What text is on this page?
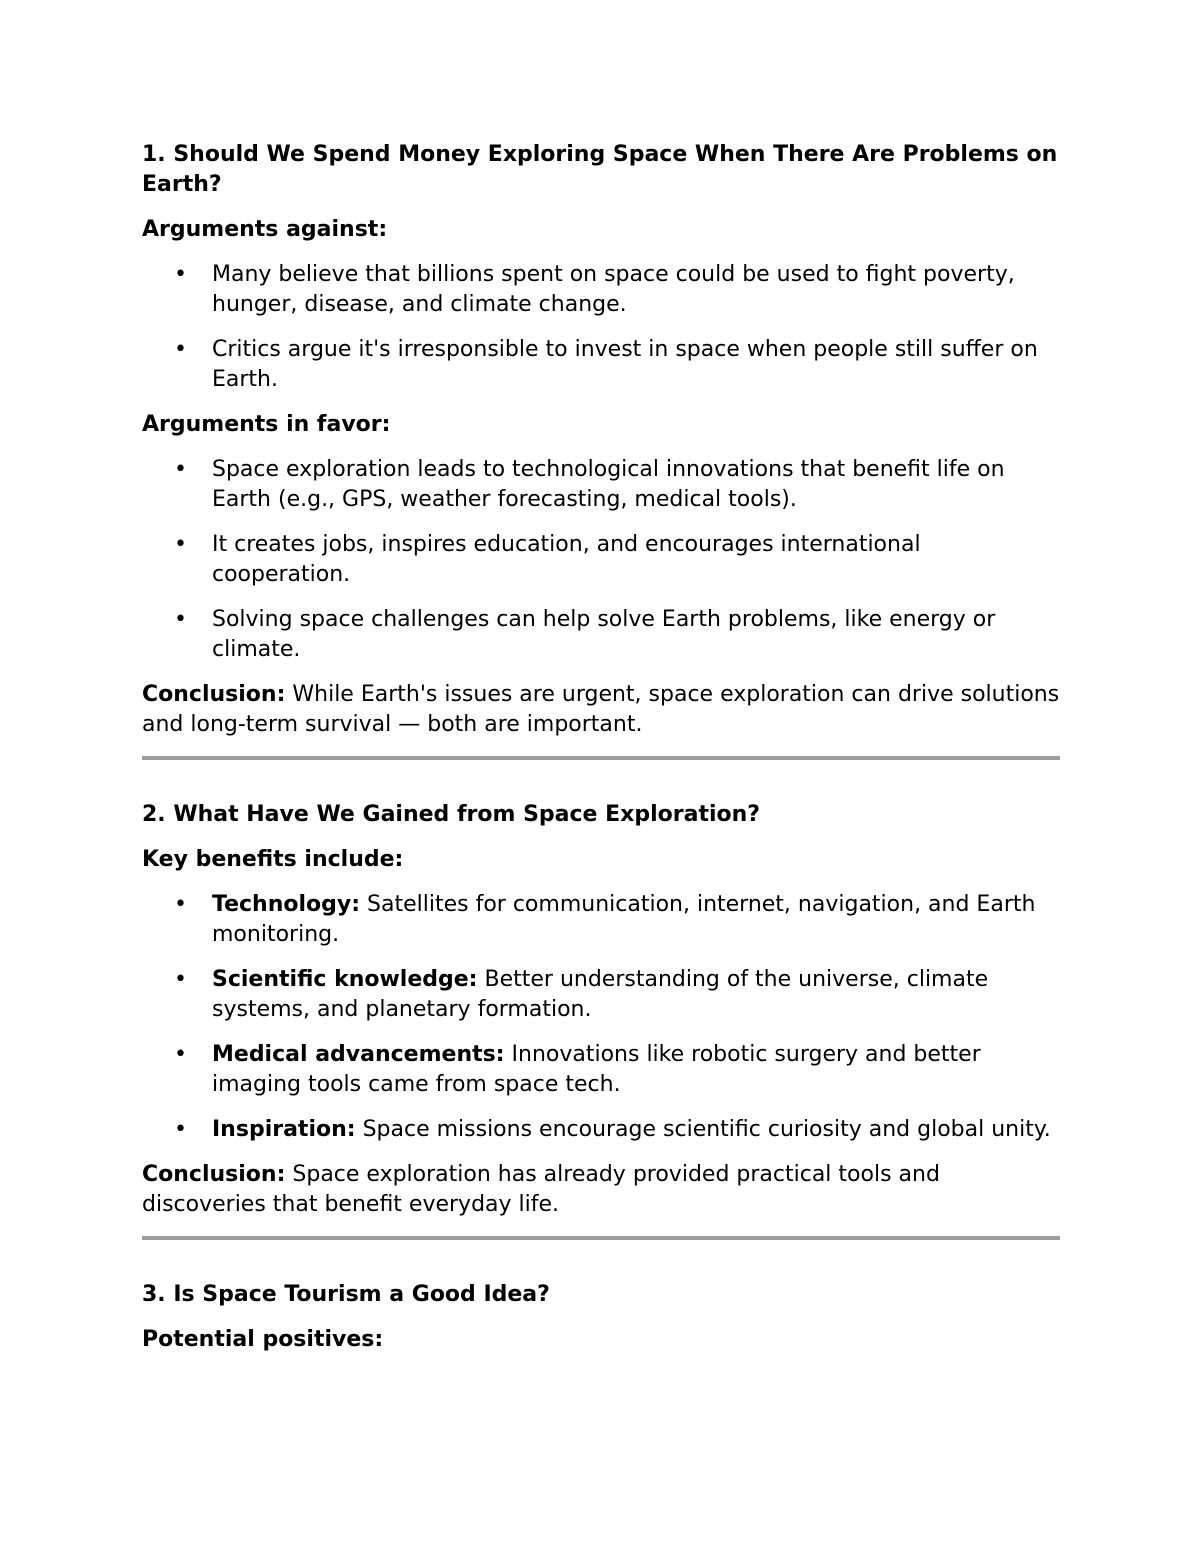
1. Should We Spend Money Exploring Space When There Are Problems on Earth?
Arguments against:
• Many believe that billions spent on space could be used to fight poverty, hunger, disease, and climate change.
• Critics argue it's irresponsible to invest in space when people still suffer on Earth.
Arguments in favor:
• Space exploration leads to technological innovations that benefit life on Earth (e.g., GPS, weather forecasting, medical tools).
• It creates jobs, inspires education, and encourages international cooperation.
• Solving space challenges can help solve Earth problems, like energy or climate.

Conclusion: While Earth's issues are urgent, space exploration can drive solutions and long-term survival — both are important.

2. What Have We Gained from Space Exploration?
Key benefits include:
• Technology: Satellites for communication, internet, navigation, and Earth monitoring.
• Scientific knowledge: Better understanding of the universe, climate systems, and planetary formation.
• Medical advancements: Innovations like robotic surgery and better imaging tools came from space tech.
• Inspiration: Space missions encourage scientific curiosity and global unity.

Conclusion: Space exploration has already provided practical tools and discoveries that benefit everyday life.

3. Is Space Tourism a Good Idea?
Potential positives:
